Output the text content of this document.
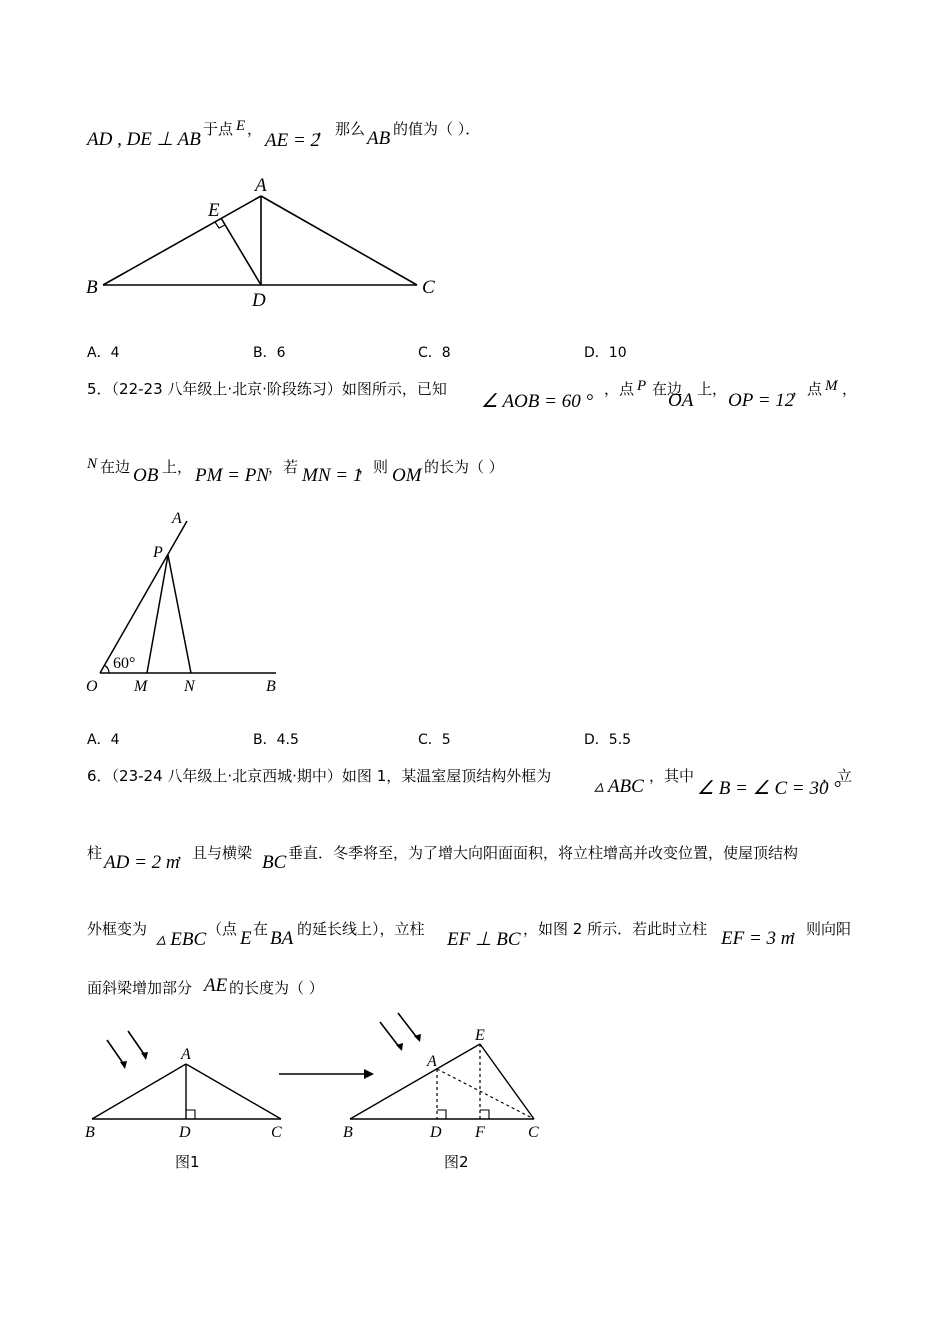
AD , DE ⊥ AB 于点 E ，
AE = 2
， 那么 AB 的值为（ ）．
A
E
B
D
C
A．4	B．6	C．8	D．10
5．（22-23 八年级上·北京·阶段练习）如图所示，已知
∠ AOB = 60 °
，点 P 在边
OA
上，
OP = 12
，点 M ，
N 在边 OB 上， PM = PN
，若 MN = 1
，则 OM 的长为（ ）
60°
A
P
O M N	B
A．4	B．4.5	C．5	D．5.5
6．（23-24 八年级上·北京西城·期中）如图 1，某温室屋顶结构外框为 ▵ ABC ，其中
∠ B = ∠ C = 30 °
，立
柱 AD = 2 m
，且与横梁 BC 垂直．冬季将至，为了增大向阳面面积，将立柱增高并改变位置，使屋顶结构
外框变为 ▵ EBC （点 E 在 BA 的延长线上），立柱 EF ⊥ BC ，如图 2 所示．若此时立柱 EF = 3 m
，则向阳
面斜梁增加部分 AE 的长度为（ ）
A
B	D	C
图1
A
E
B	D F	C
图2
